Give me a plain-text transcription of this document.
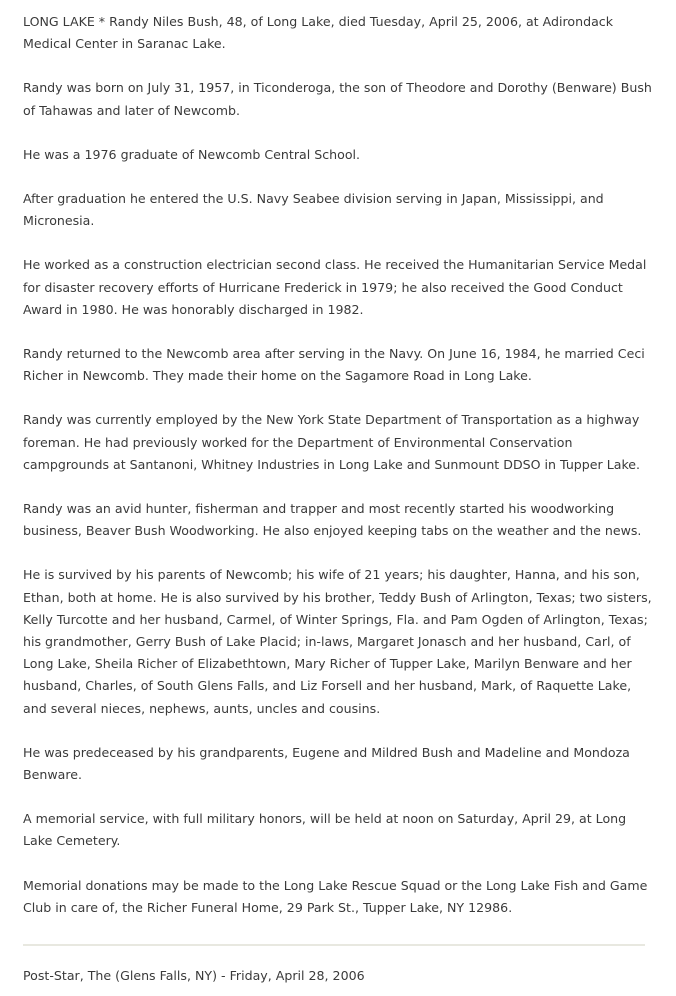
LONG LAKE * Randy Niles Bush, 48, of Long Lake, died Tuesday, April 25, 2006, at Adirondack Medical Center in Saranac Lake.

Randy was born on July 31, 1957, in Ticonderoga, the son of Theodore and Dorothy (Benware) Bush of Tahawas and later of Newcomb.

He was a 1976 graduate of Newcomb Central School.

After graduation he entered the U.S. Navy Seabee division serving in Japan, Mississippi, and Micronesia.

He worked as a construction electrician second class. He received the Humanitarian Service Medal for disaster recovery efforts of Hurricane Frederick in 1979; he also received the Good Conduct Award in 1980. He was honorably discharged in 1982.

Randy returned to the Newcomb area after serving in the Navy. On June 16, 1984, he married Ceci Richer in Newcomb. They made their home on the Sagamore Road in Long Lake.

Randy was currently employed by the New York State Department of Transportation as a highway foreman. He had previously worked for the Department of Environmental Conservation campgrounds at Santanoni, Whitney Industries in Long Lake and Sunmount DDSO in Tupper Lake.

Randy was an avid hunter, fisherman and trapper and most recently started his woodworking business, Beaver Bush Woodworking. He also enjoyed keeping tabs on the weather and the news.

He is survived by his parents of Newcomb; his wife of 21 years; his daughter, Hanna, and his son, Ethan, both at home. He is also survived by his brother, Teddy Bush of Arlington, Texas; two sisters, Kelly Turcotte and her husband, Carmel, of Winter Springs, Fla. and Pam Ogden of Arlington, Texas; his grandmother, Gerry Bush of Lake Placid; in-laws, Margaret Jonasch and her husband, Carl, of Long Lake, Sheila Richer of Elizabethtown, Mary Richer of Tupper Lake, Marilyn Benware and her husband, Charles, of South Glens Falls, and Liz Forsell and her husband, Mark, of Raquette Lake, and several nieces, nephews, aunts, uncles and cousins.

He was predeceased by his grandparents, Eugene and Mildred Bush and Madeline and Mondoza Benware.

A memorial service, with full military honors, will be held at noon on Saturday, April 29, at Long Lake Cemetery.

Memorial donations may be made to the Long Lake Rescue Squad or the Long Lake Fish and Game Club in care of, the Richer Funeral Home, 29 Park St., Tupper Lake, NY 12986.

Post-Star, The (Glens Falls, NY) - Friday, April 28, 2006
